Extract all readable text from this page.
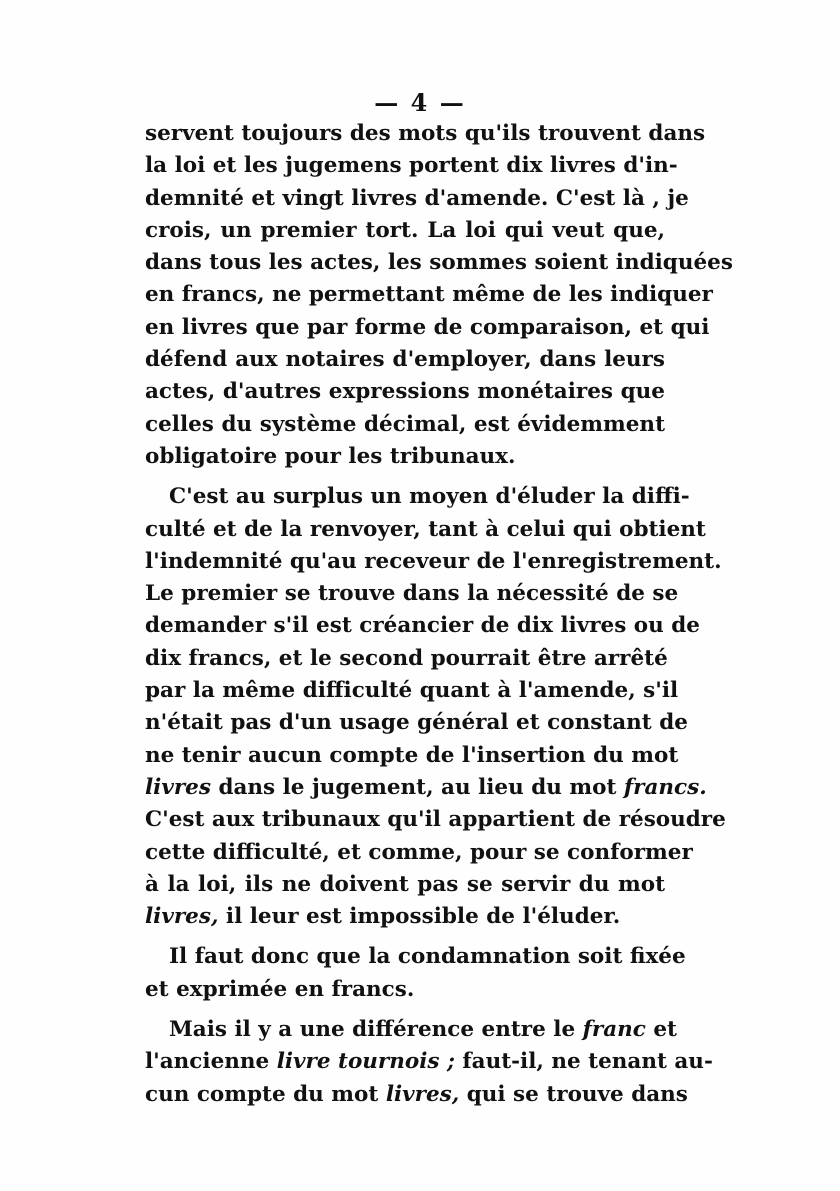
— 4 —
servent toujours des mots qu'ils trouvent dans
la loi et les jugemens portent dix livres d'in-
demnité et vingt livres d'amende. C'est là , je
crois, un premier tort. La loi qui veut que,
dans tous les actes, les sommes soient indiquées
en francs, ne permettant même de les indiquer
en livres que par forme de comparaison, et qui
défend aux notaires d'employer, dans leurs
actes, d'autres expressions monétaires que
celles du système décimal, est évidemment
obligatoire pour les tribunaux.
C'est au surplus un moyen d'éluder la diffi-
culté et de la renvoyer, tant à celui qui obtient
l'indemnité qu'au receveur de l'enregistrement.
Le premier se trouve dans la nécessité de se
demander s'il est créancier de dix livres ou de
dix francs, et le second pourrait être arrêté
par la même difficulté quant à l'amende, s'il
n'était pas d'un usage général et constant de
ne tenir aucun compte de l'insertion du mot
livres dans le jugement, au lieu du mot francs.
C'est aux tribunaux qu'il appartient de résoudre
cette difficulté, et comme, pour se conformer
à la loi, ils ne doivent pas se servir du mot
livres, il leur est impossible de l'éluder.
Il faut donc que la condamnation soit fixée
et exprimée en francs.
Mais il y a une différence entre le franc et
l'ancienne livre tournois ; faut-il, ne tenant au-
cun compte du mot livres, qui se trouve dans
